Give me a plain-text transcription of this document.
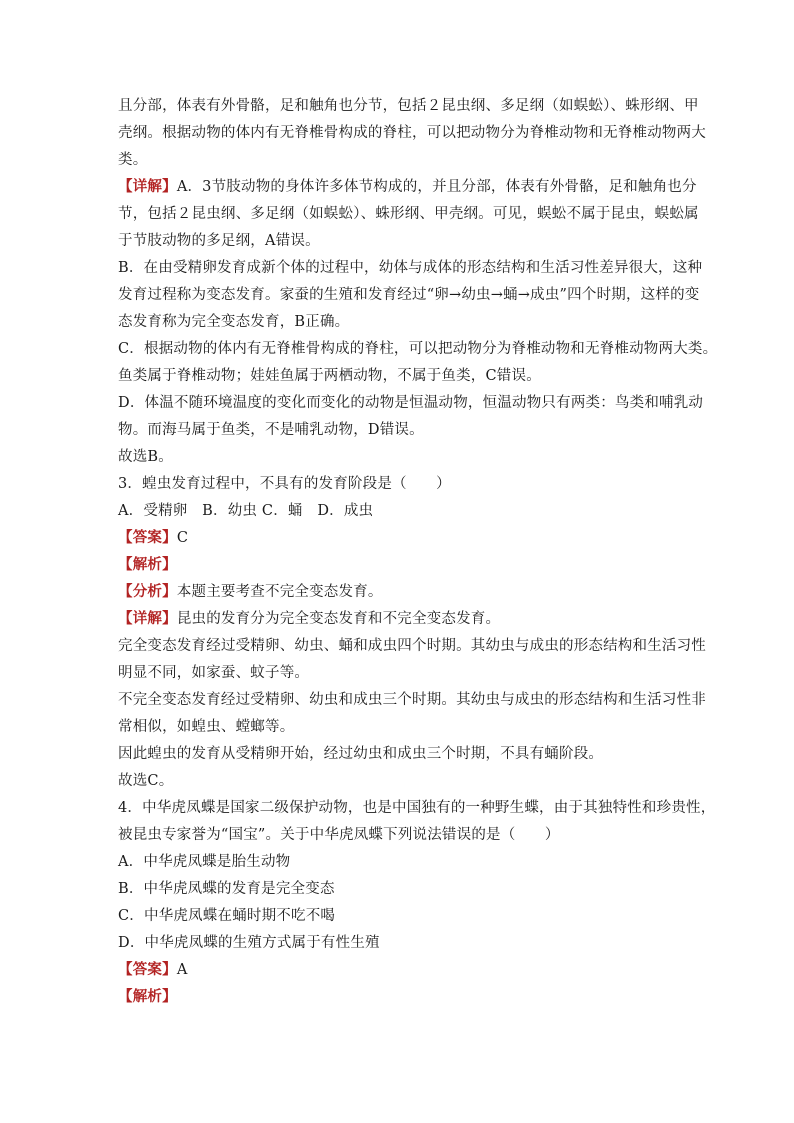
且分部，体表有外骨骼，足和触角也分节，包括２昆虫纲、多足纲（如蜈蚣）、蛛形纲、甲
壳纲。根据动物的体内有无脊椎骨构成的脊柱，可以把动物分为脊椎动物和无脊椎动物两大
类。
【详解】A．3节肢动物的身体许多体节构成的，并且分部，体表有外骨骼，足和触角也分
节，包括２昆虫纲、多足纲（如蜈蚣）、蛛形纲、甲壳纲。可见，蜈蚣不属于昆虫，蜈蚣属
于节肢动物的多足纲，A错误。
B．在由受精卵发育成新个体的过程中，幼体与成体的形态结构和生活习性差异很大，这种
发育过程称为变态发育。家蚕的生殖和发育经过“卵→幼虫→蛹→成虫”四个时期，这样的变
态发育称为完全变态发育，B正确。
C．根据动物的体内有无脊椎骨构成的脊柱，可以把动物分为脊椎动物和无脊椎动物两大类。
鱼类属于脊椎动物；娃娃鱼属于两栖动物，不属于鱼类，C错误。
D．体温不随环境温度的变化而变化的动物是恒温动物，恒温动物只有两类：鸟类和哺乳动
物。而海马属于鱼类，不是哺乳动物，D错误。
故选B。
3．蝗虫发育过程中，不具有的发育阶段是（　　）
A．受精卵　B．幼虫 C．蛹　D．成虫
【答案】C
【解析】
【分析】本题主要考查不完全变态发育。
【详解】昆虫的发育分为完全变态发育和不完全变态发育。
完全变态发育经过受精卵、幼虫、蛹和成虫四个时期。其幼虫与成虫的形态结构和生活习性
明显不同，如家蚕、蚊子等。
不完全变态发育经过受精卵、幼虫和成虫三个时期。其幼虫与成虫的形态结构和生活习性非
常相似，如蝗虫、螳螂等。
因此蝗虫的发育从受精卵开始，经过幼虫和成虫三个时期，不具有蛹阶段。
故选C。
4．中华虎凤蝶是国家二级保护动物，也是中国独有的一种野生蝶，由于其独特性和珍贵性，
被昆虫专家誉为“国宝”。关于中华虎凤蝶下列说法错误的是（　　）
A．中华虎凤蝶是胎生动物
B．中华虎凤蝶的发育是完全变态
C．中华虎凤蝶在蛹时期不吃不喝
D．中华虎凤蝶的生殖方式属于有性生殖
【答案】A
【解析】
